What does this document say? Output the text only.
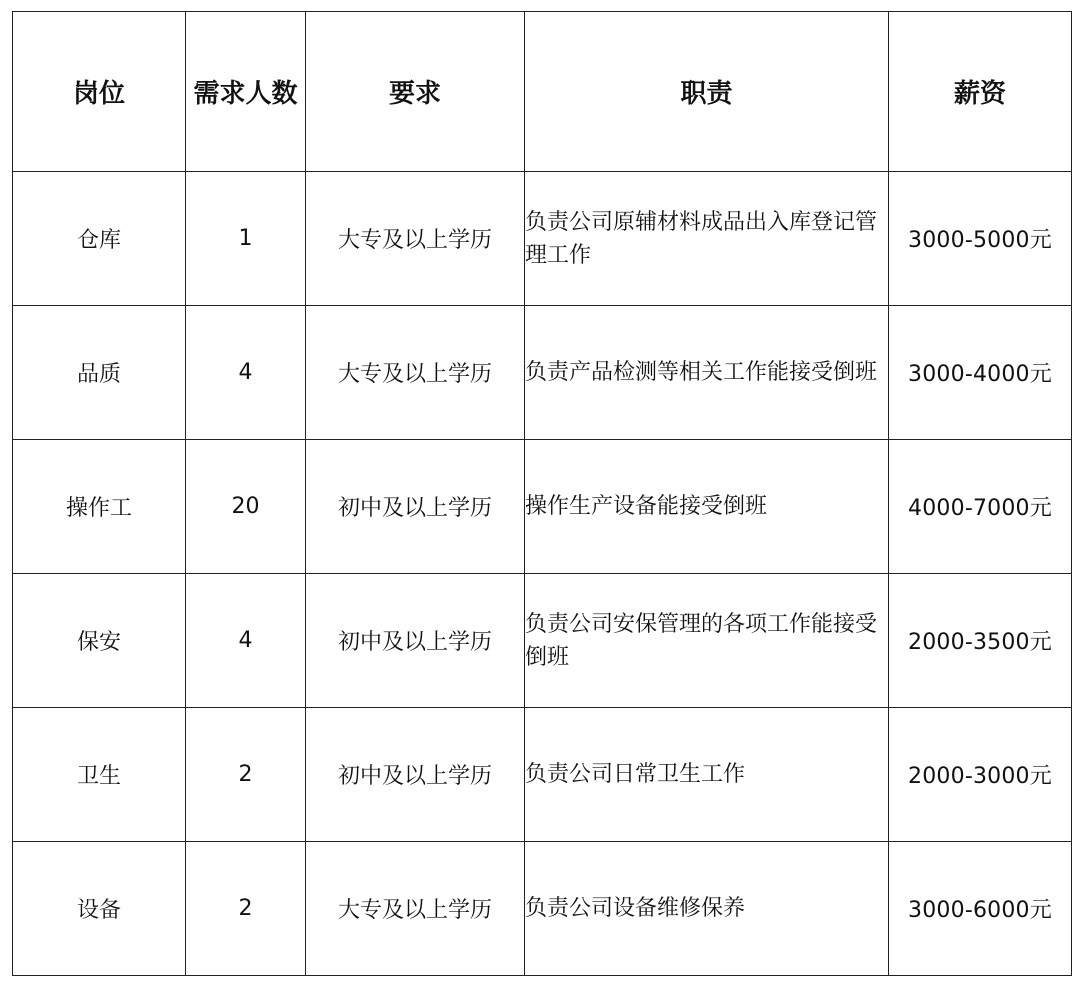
岗位	需求人数	要求	职责	薪资
仓库	1	大专及以上学历	负责公司原辅材料成品出入库登记管理工作	3000-5000元
品质	4	大专及以上学历	负责产品检测等相关工作能接受倒班	3000-4000元
操作工	20	初中及以上学历	操作生产设备能接受倒班	4000-7000元
保安	4	初中及以上学历	负责公司安保管理的各项工作能接受倒班	2000-3500元
卫生	2	初中及以上学历	负责公司日常卫生工作	2000-3000元
设备	2	大专及以上学历	负责公司设备维修保养	3000-6000元
